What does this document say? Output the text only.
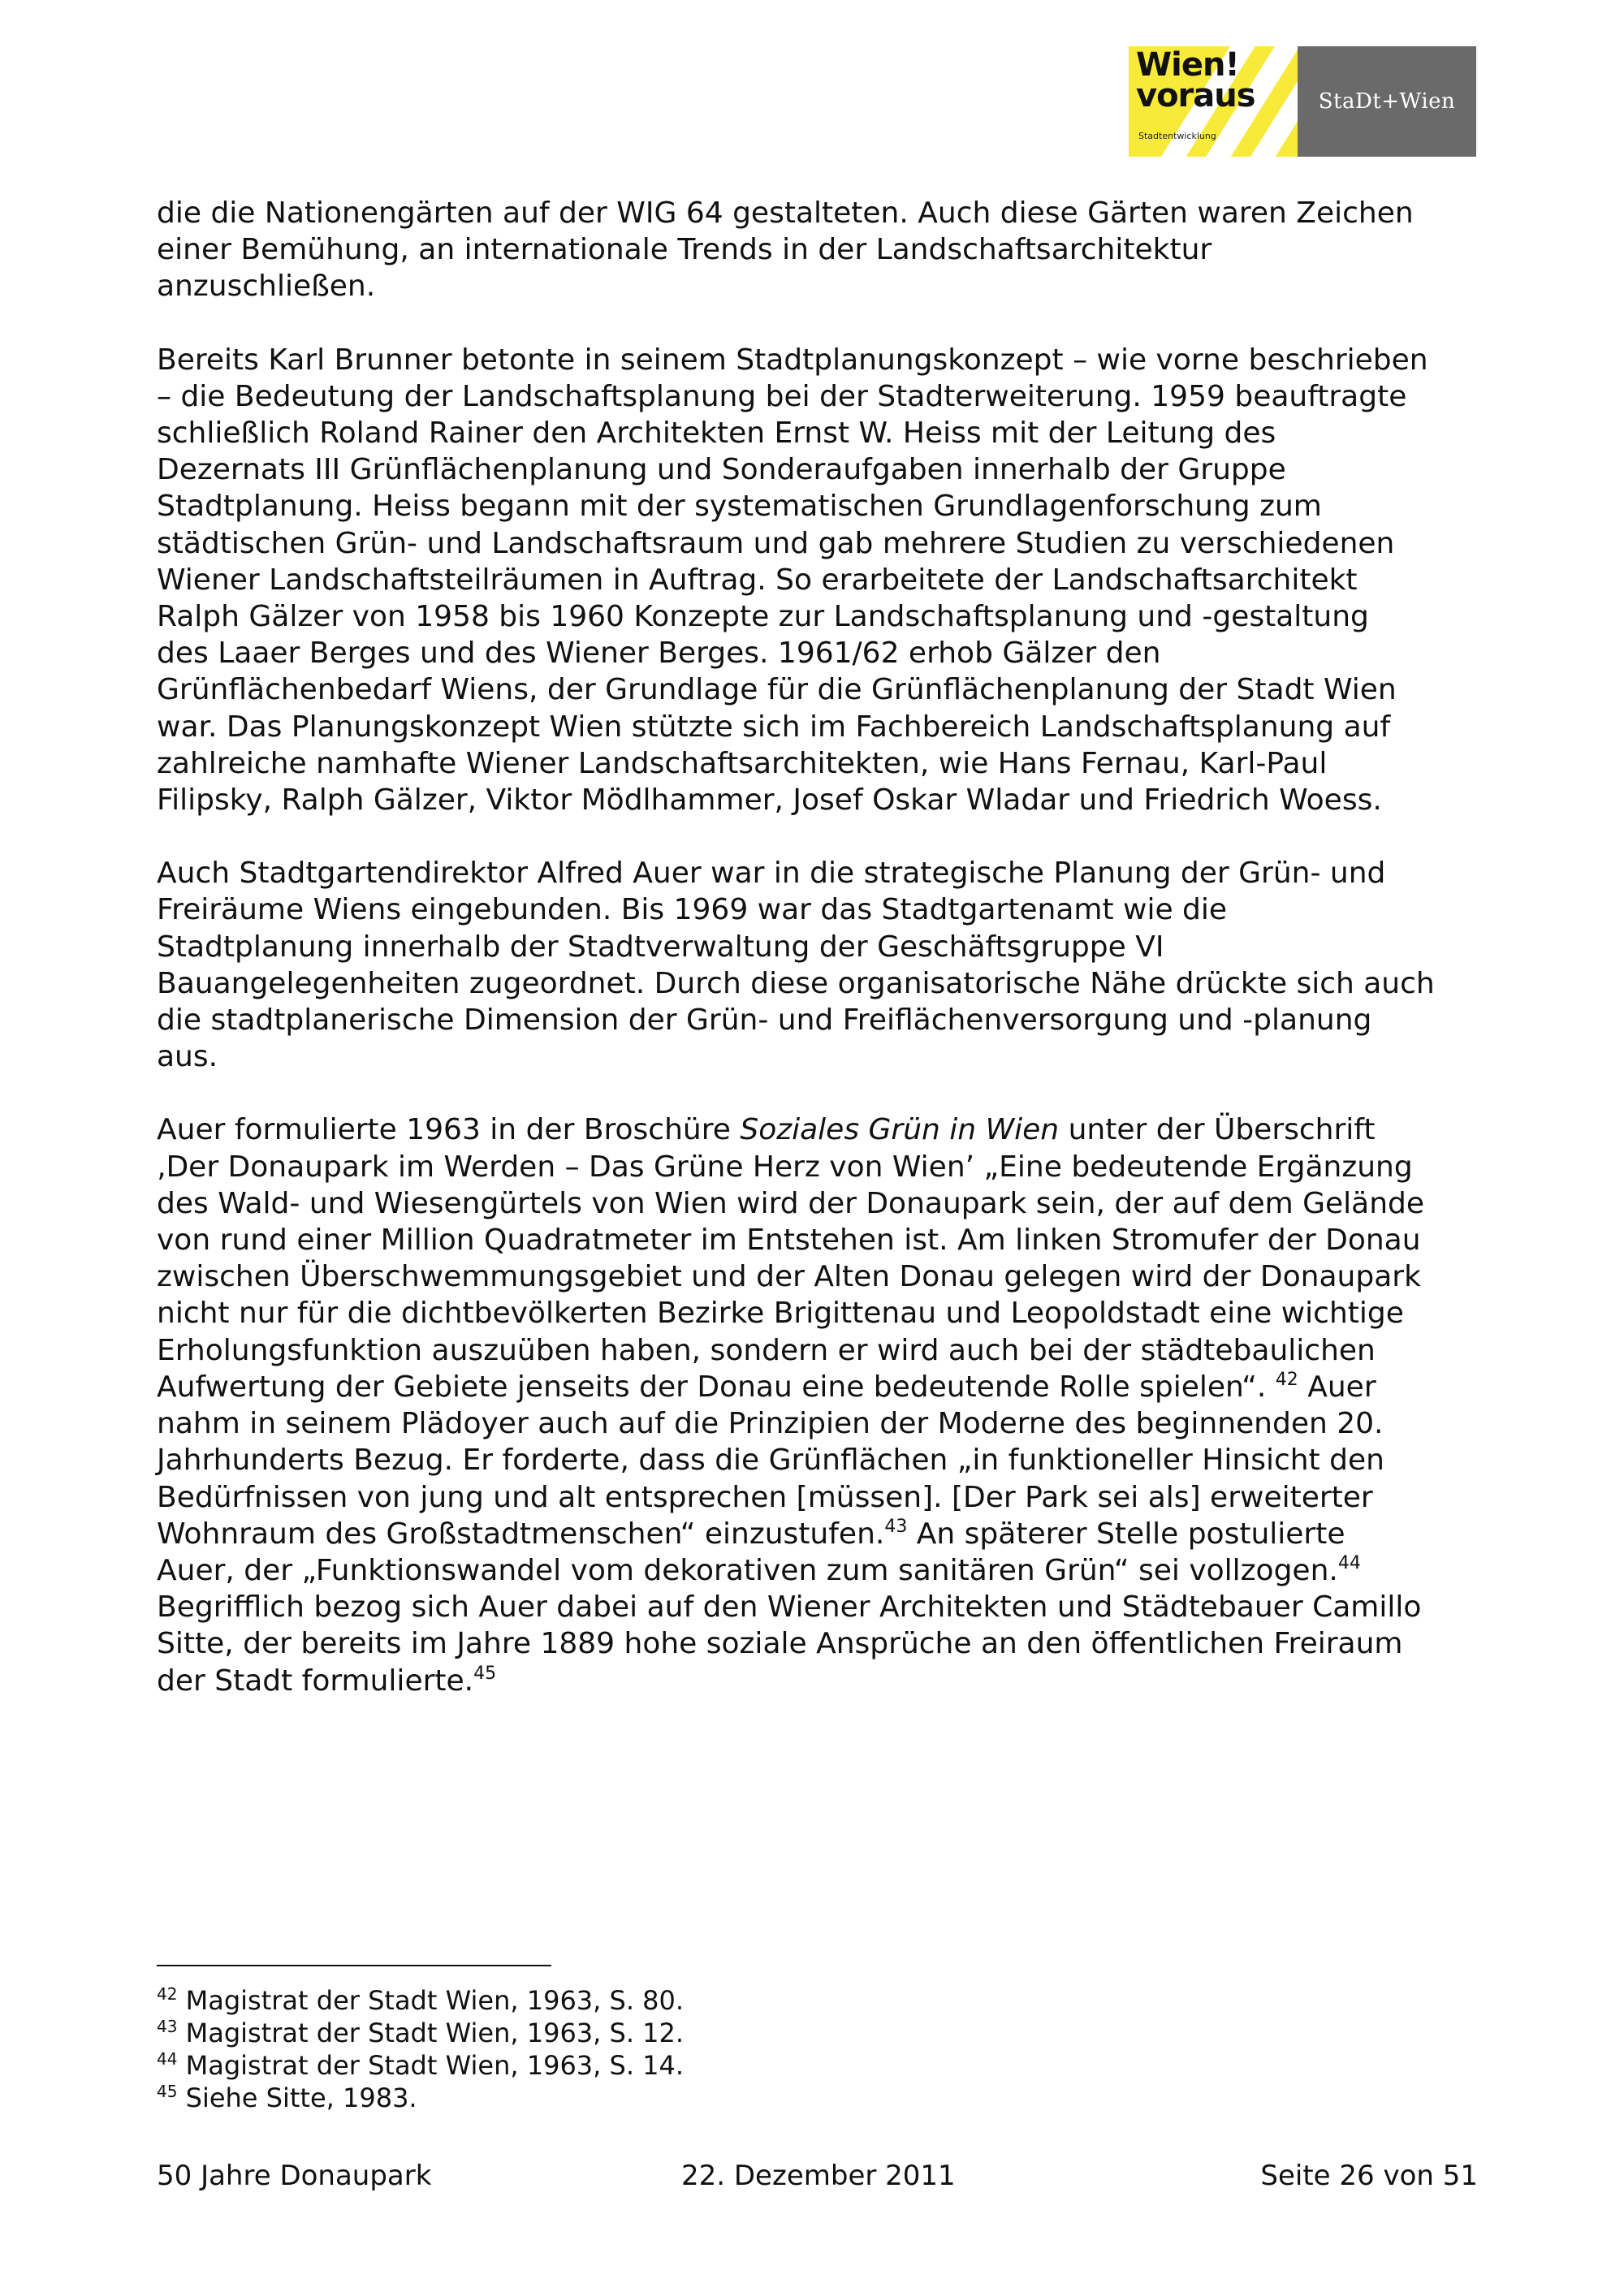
Wien!
voraus
Stadtentwicklung
StaDt+Wien

die die Nationengärten auf der WIG 64 gestalteten. Auch diese Gärten waren Zeichen
einer Bemühung, an internationale Trends in der Landschaftsarchitektur
anzuschließen.

Bereits Karl Brunner betonte in seinem Stadtplanungskonzept – wie vorne beschrieben
– die Bedeutung der Landschaftsplanung bei der Stadterweiterung. 1959 beauftragte
schließlich Roland Rainer den Architekten Ernst W. Heiss mit der Leitung des
Dezernats III Grünflächenplanung und Sonderaufgaben innerhalb der Gruppe
Stadtplanung. Heiss begann mit der systematischen Grundlagenforschung zum
städtischen Grün- und Landschaftsraum und gab mehrere Studien zu verschiedenen
Wiener Landschaftsteilräumen in Auftrag. So erarbeitete der Landschaftsarchitekt
Ralph Gälzer von 1958 bis 1960 Konzepte zur Landschaftsplanung und -gestaltung
des Laaer Berges und des Wiener Berges. 1961/62 erhob Gälzer den
Grünflächenbedarf Wiens, der Grundlage für die Grünflächenplanung der Stadt Wien
war. Das Planungskonzept Wien stützte sich im Fachbereich Landschaftsplanung auf
zahlreiche namhafte Wiener Landschaftsarchitekten, wie Hans Fernau, Karl-Paul
Filipsky, Ralph Gälzer, Viktor Mödlhammer, Josef Oskar Wladar und Friedrich Woess.

Auch Stadtgartendirektor Alfred Auer war in die strategische Planung der Grün- und
Freiräume Wiens eingebunden. Bis 1969 war das Stadtgartenamt wie die
Stadtplanung innerhalb der Stadtverwaltung der Geschäftsgruppe VI
Bauangelegenheiten zugeordnet. Durch diese organisatorische Nähe drückte sich auch
die stadtplanerische Dimension der Grün- und Freiflächenversorgung und -planung
aus.

Auer formulierte 1963 in der Broschüre Soziales Grün in Wien unter der Überschrift
‚Der Donaupark im Werden – Das Grüne Herz von Wien’ „Eine bedeutende Ergänzung
des Wald- und Wiesengürtels von Wien wird der Donaupark sein, der auf dem Gelände
von rund einer Million Quadratmeter im Entstehen ist. Am linken Stromufer der Donau
zwischen Überschwemmungsgebiet und der Alten Donau gelegen wird der Donaupark
nicht nur für die dichtbevölkerten Bezirke Brigittenau und Leopoldstadt eine wichtige
Erholungsfunktion auszuüben haben, sondern er wird auch bei der städtebaulichen
Aufwertung der Gebiete jenseits der Donau eine bedeutende Rolle spielen“. $^{42}$ Auer
nahm in seinem Plädoyer auch auf die Prinzipien der Moderne des beginnenden 20.
Jahrhunderts Bezug. Er forderte, dass die Grünflächen „in funktioneller Hinsicht den
Bedürfnissen von jung und alt entsprechen [müssen]. [Der Park sei als] erweiterter
Wohnraum des Großstadtmenschen“ einzustufen.$^{43}$ An späterer Stelle postulierte
Auer, der „Funktionswandel vom dekorativen zum sanitären Grün“ sei vollzogen.$^{44}$
Begrifflich bezog sich Auer dabei auf den Wiener Architekten und Städtebauer Camillo
Sitte, der bereits im Jahre 1889 hohe soziale Ansprüche an den öffentlichen Freiraum
der Stadt formulierte.$^{45}$

$^{42}$ Magistrat der Stadt Wien, 1963, S. 80.
$^{43}$ Magistrat der Stadt Wien, 1963, S. 12.
$^{44}$ Magistrat der Stadt Wien, 1963, S. 14.
$^{45}$ Siehe Sitte, 1983.
50 Jahre Donaupark	22. Dezember 2011	Seite 26 von 51
